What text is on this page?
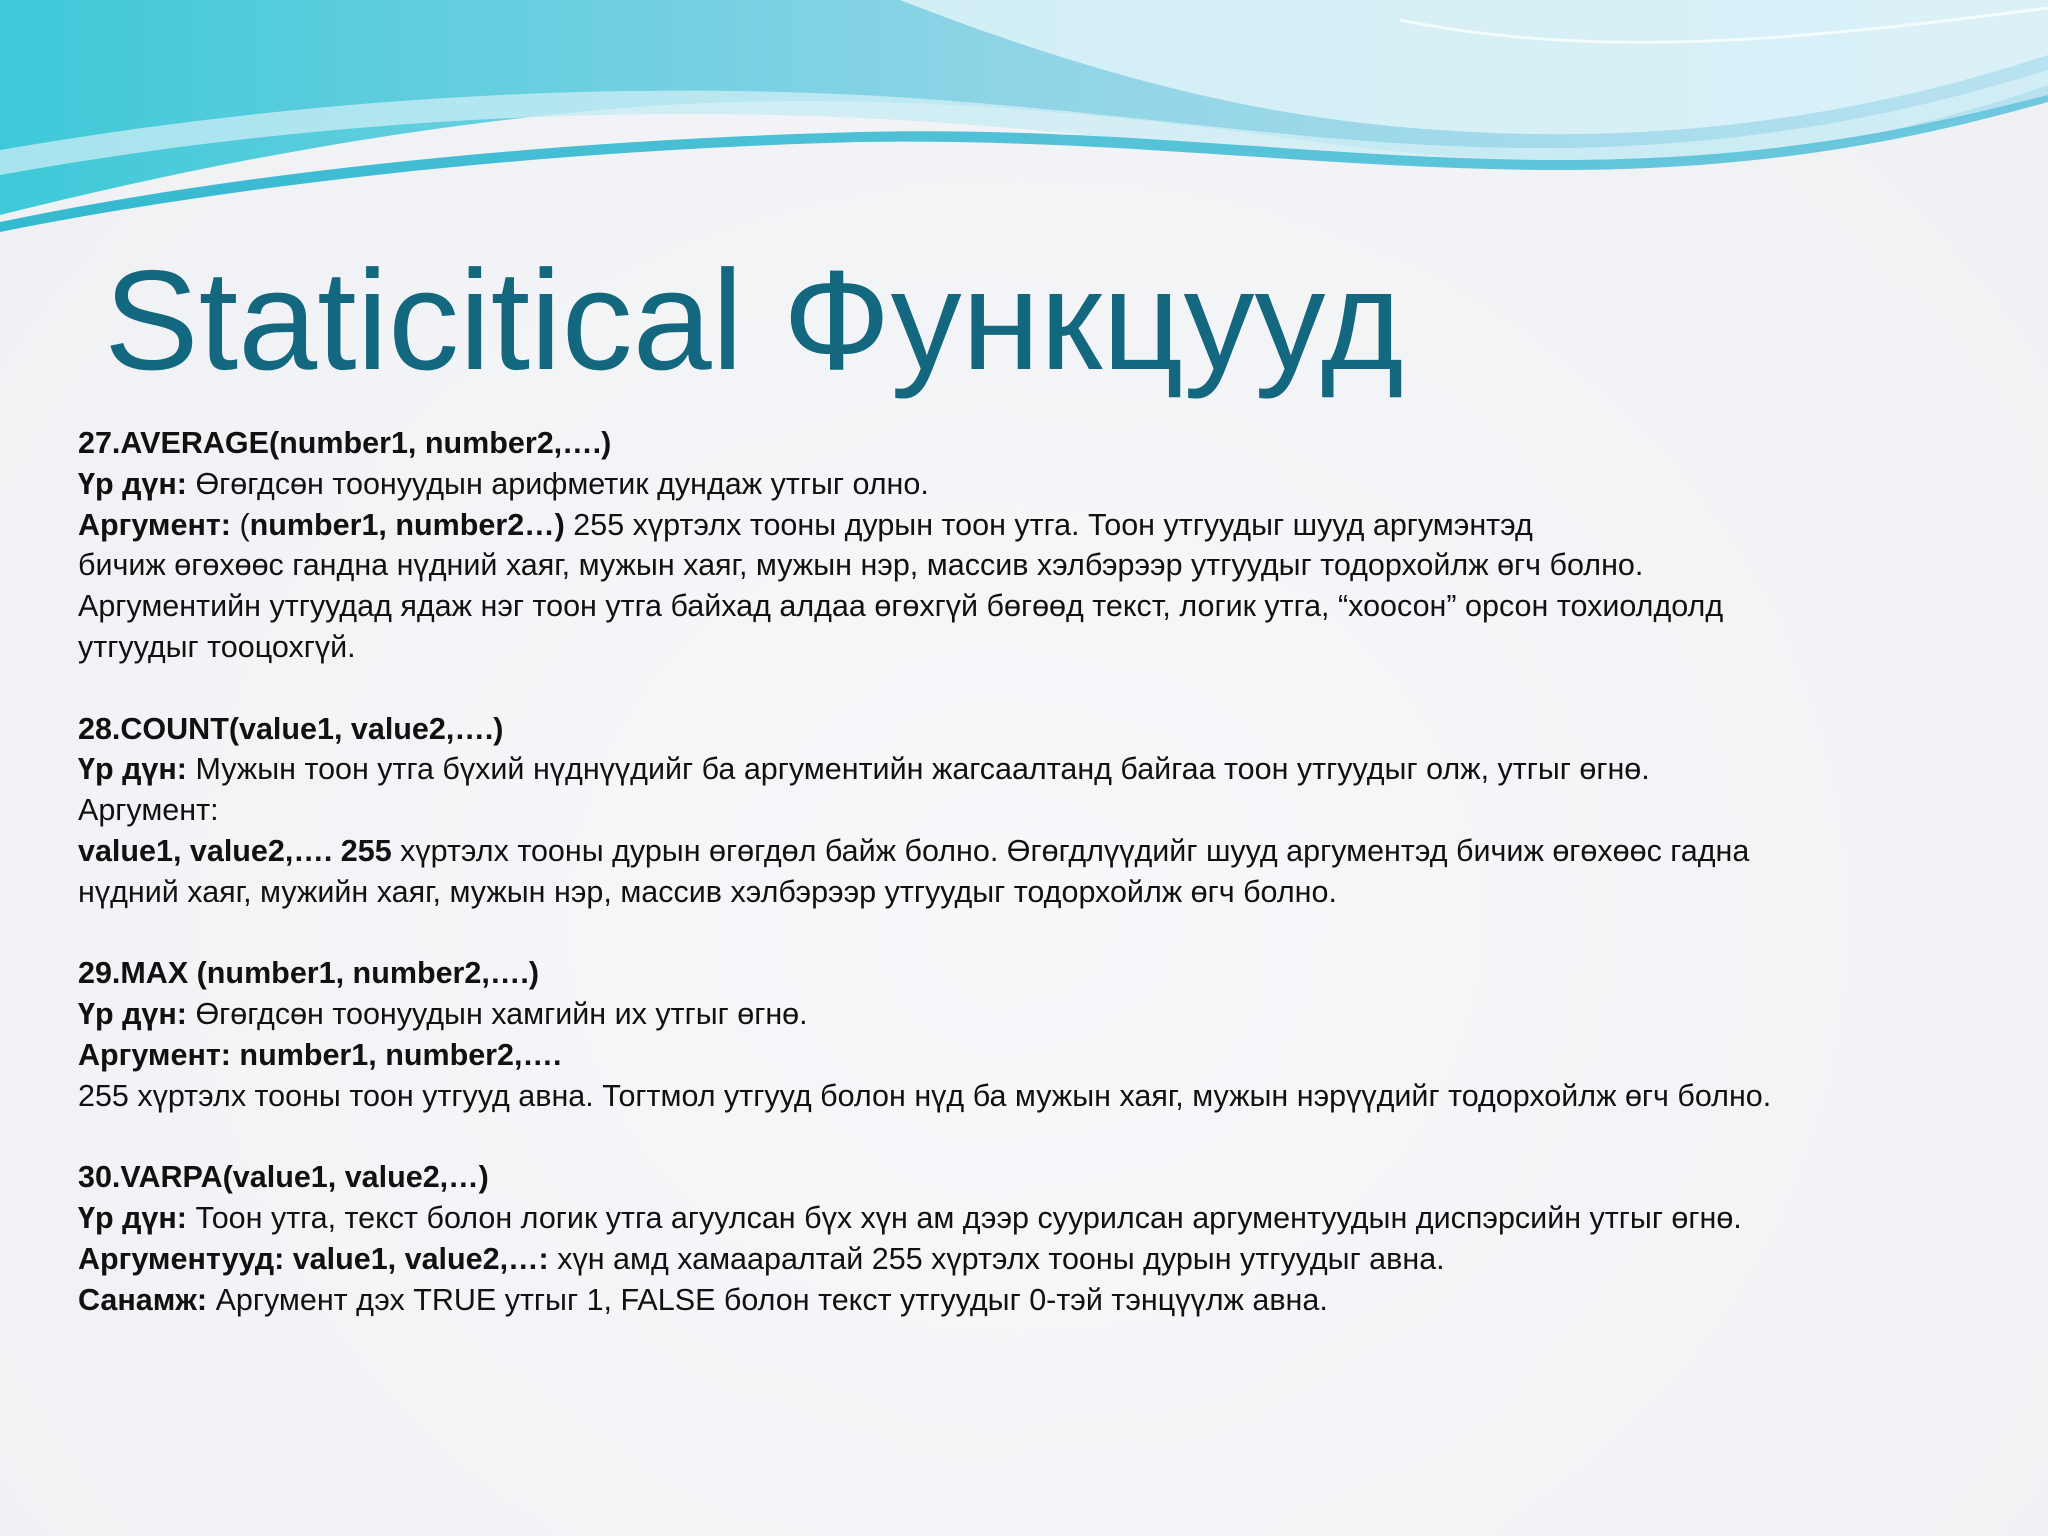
Staticitical Функцууд
27.AVERAGE(number1, number2,….)
Үр дүн: Өгөгдсөн тоонуудын арифметик дундаж утгыг олно.
Аргумент: (number1, number2…) 255 хүртэлх тооны дурын тоон утга. Тоон утгуудыг шууд аргумэнтэд
бичиж өгөхөөс гандна нүдний хаяг, мужын хаяг, мужын нэр, массив хэлбэрээр утгуудыг тодорхойлж өгч болно.
Аргументийн утгуудад ядаж нэг тоон утга байхад алдаа өгөхгүй бөгөөд текст, логик утга, “хоосон” орсон тохиолдолд
утгуудыг тооцохгүй.
28.COUNT(value1, value2,….)
Үр дүн: Мужын тоон утга бүхий нүднүүдийг ба аргументийн жагсаалтанд байгаа тоон утгуудыг олж, утгыг өгнө.
Аргумент:
value1, value2,…. 255 хүртэлх тооны дурын өгөгдөл байж болно. Өгөгдлүүдийг шууд аргументэд бичиж өгөхөөс гадна
нүдний хаяг, мужийн хаяг, мужын нэр, массив хэлбэрээр утгуудыг тодорхойлж өгч болно.
29.MAX (number1, number2,….)
Үр дүн: Өгөгдсөн тоонуудын хамгийн их утгыг өгнө.
Аргумент: number1, number2,….
255 хүртэлх тооны тоон утгууд авна. Тогтмол утгууд болон нүд ба мужын хаяг, мужын нэрүүдийг тодорхойлж өгч болно.
30.VARPA(value1, value2,…)
Үр дүн: Тоон утга, текст болон логик утга агуулсан бүх хүн ам дээр суурилсан аргументуудын диспэрсийн утгыг өгнө.
Аргументууд: value1, value2,…: хүн амд хамааралтай 255 хүртэлх тооны дурын утгуудыг авна.
Санамж: Аргумент дэх TRUE утгыг 1, FALSE болон текст утгуудыг 0-тэй тэнцүүлж авна.
